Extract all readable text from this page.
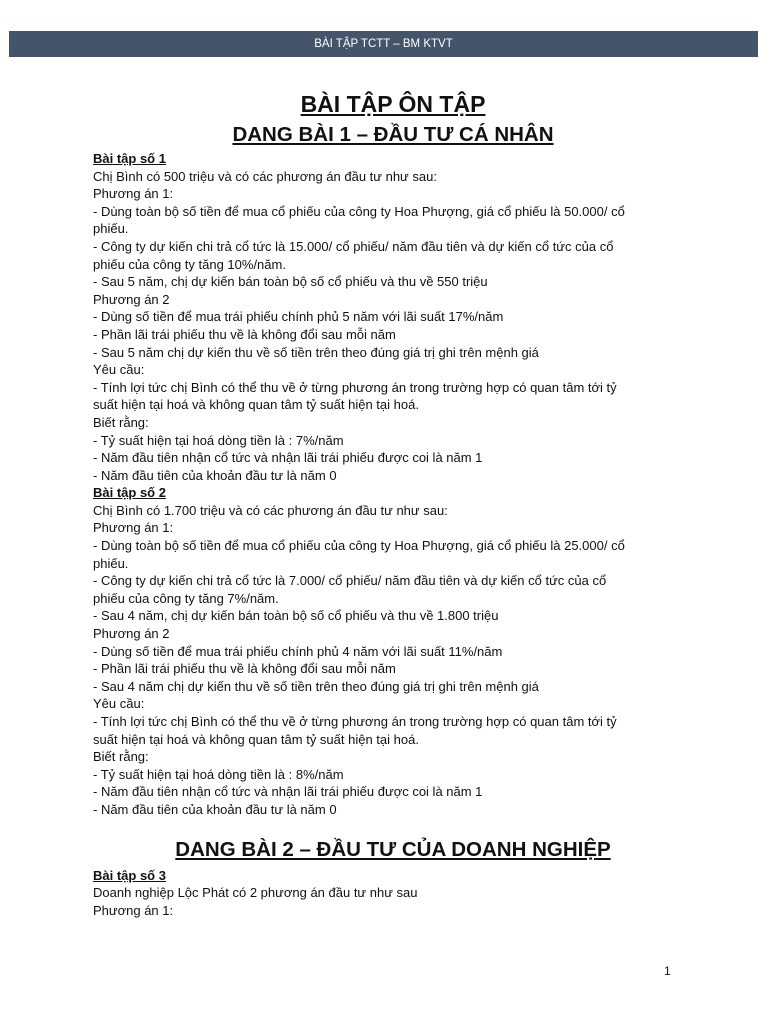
BÀI TẬP TCTT – BM KTVT
BÀI TẬP ÔN TẬP
DANG BÀI 1 – ĐẦU TƯ CÁ NHÂN
Bài tập số 1
Chị Bình có 500 triệu và có các phương án đầu tư như sau:
Phương án 1:
- Dùng toàn bộ số tiền để mua cổ phiếu của công ty Hoa Phượng, giá cổ phiếu là 50.000/ cổ
phiếu.
- Công ty dự kiến chi trả cổ tức là 15.000/ cổ phiếu/ năm đầu tiên và dự kiến cổ tức của cổ
phiếu của công ty tăng 10%/năm.
- Sau 5 năm, chị dự kiến bán toàn bộ số cổ phiếu và thu về 550 triệu
Phương án 2
- Dùng số tiền để mua trái phiếu chính phủ 5 năm với lãi suất 17%/năm
- Phần lãi trái phiếu thu về là không đổi sau mỗi năm
- Sau 5 năm chị dự kiến thu về số tiền trên theo đúng giá trị ghi trên mệnh giá
Yêu cầu:
- Tính lợi tức chị Bình có thể thu về ở từng phương án trong trường hợp có quan tâm tới tỷ
suất hiện tại hoá và không quan tâm tỷ suất hiện tại hoá.
Biết rằng:
- Tỷ suất hiện tại hoá dòng tiền là : 7%/năm
- Năm đầu tiên nhận cổ tức và nhận lãi trái phiếu được coi là năm 1
- Năm đầu tiên của khoản đầu tư là năm 0
Bài tập số 2
Chị Bình có 1.700 triệu và có các phương án đầu tư như sau:
Phương án 1:
- Dùng toàn bộ số tiền để mua cổ phiếu của công ty Hoa Phượng, giá cổ phiếu là 25.000/ cổ
phiếu.
- Công ty dự kiến chi trả cổ tức là 7.000/ cổ phiếu/ năm đầu tiên và dự kiến cổ tức của cổ
phiếu của công ty tăng 7%/năm.
- Sau 4 năm, chị dự kiến bán toàn bộ số cổ phiếu và thu về 1.800 triệu
Phương án 2
- Dùng số tiền để mua trái phiếu chính phủ 4 năm với lãi suất 11%/năm
- Phần lãi trái phiếu thu về là không đổi sau mỗi năm
- Sau 4 năm chị dự kiến thu về số tiền trên theo đúng giá trị ghi trên mệnh giá
Yêu cầu:
- Tính lợi tức chị Bình có thể thu về ở từng phương án trong trường hợp có quan tâm tới tỷ
suất hiện tại hoá và không quan tâm tỷ suất hiện tại hoá.
Biết rằng:
- Tỷ suất hiện tại hoá dòng tiền là : 8%/năm
- Năm đầu tiên nhận cổ tức và nhận lãi trái phiếu được coi là năm 1
- Năm đầu tiên của khoản đầu tư là năm 0
DANG BÀI 2 – ĐẦU TƯ CỦA DOANH NGHIỆP
Bài tập số 3
Doanh nghiệp Lộc Phát có 2 phương án đầu tư như sau
Phương án 1:
1
